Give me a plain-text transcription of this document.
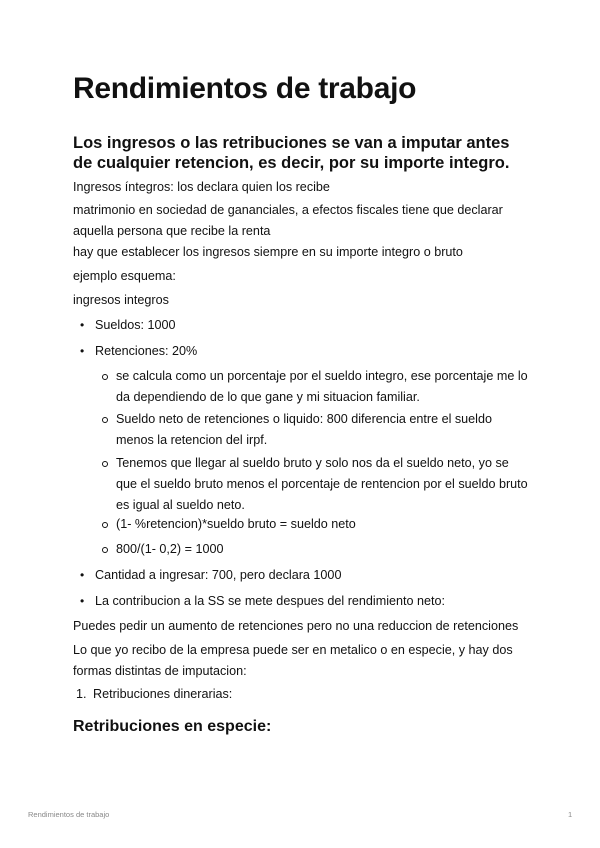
Rendimientos de trabajo
Los ingresos o las retribuciones se van a imputar antes de cualquier retencion, es decir, por su importe integro.

Ingresos íntegros: los declara quien los recibe

matrimonio en sociedad de gananciales, a efectos fiscales tiene que declarar aquella persona que recibe la renta

hay que establecer los ingresos siempre en su importe integro o bruto

ejemplo esquema:

ingresos integros

• Sueldos: 1000
• Retenciones: 20%
se calcula como un porcentaje por el sueldo integro, ese porcentaje me lo da dependiendo de lo que gane y mi situacion familiar.
Sueldo neto de retenciones o liquido: 800 diferencia entre el sueldo menos la retencion del irpf.
Tenemos que llegar al sueldo bruto y solo nos da el sueldo neto, yo se que el sueldo bruto menos el porcentaje de rentencion por el sueldo bruto es igual al sueldo neto.
(1- %retencion)*sueldo bruto = sueldo neto
800/(1- 0,2) = 1000
• Cantidad a ingresar: 700, pero declara 1000
• La contribucion a la SS se mete despues del rendimiento neto:

Puedes pedir un aumento de retenciones pero no una reduccion de retenciones

Lo que yo recibo de la empresa puede ser en metalico o en especie, y hay dos formas distintas de imputacion:

1. Retribuciones dinerarias:
Retribuciones en especie:
Rendimientos de trabajo	1
